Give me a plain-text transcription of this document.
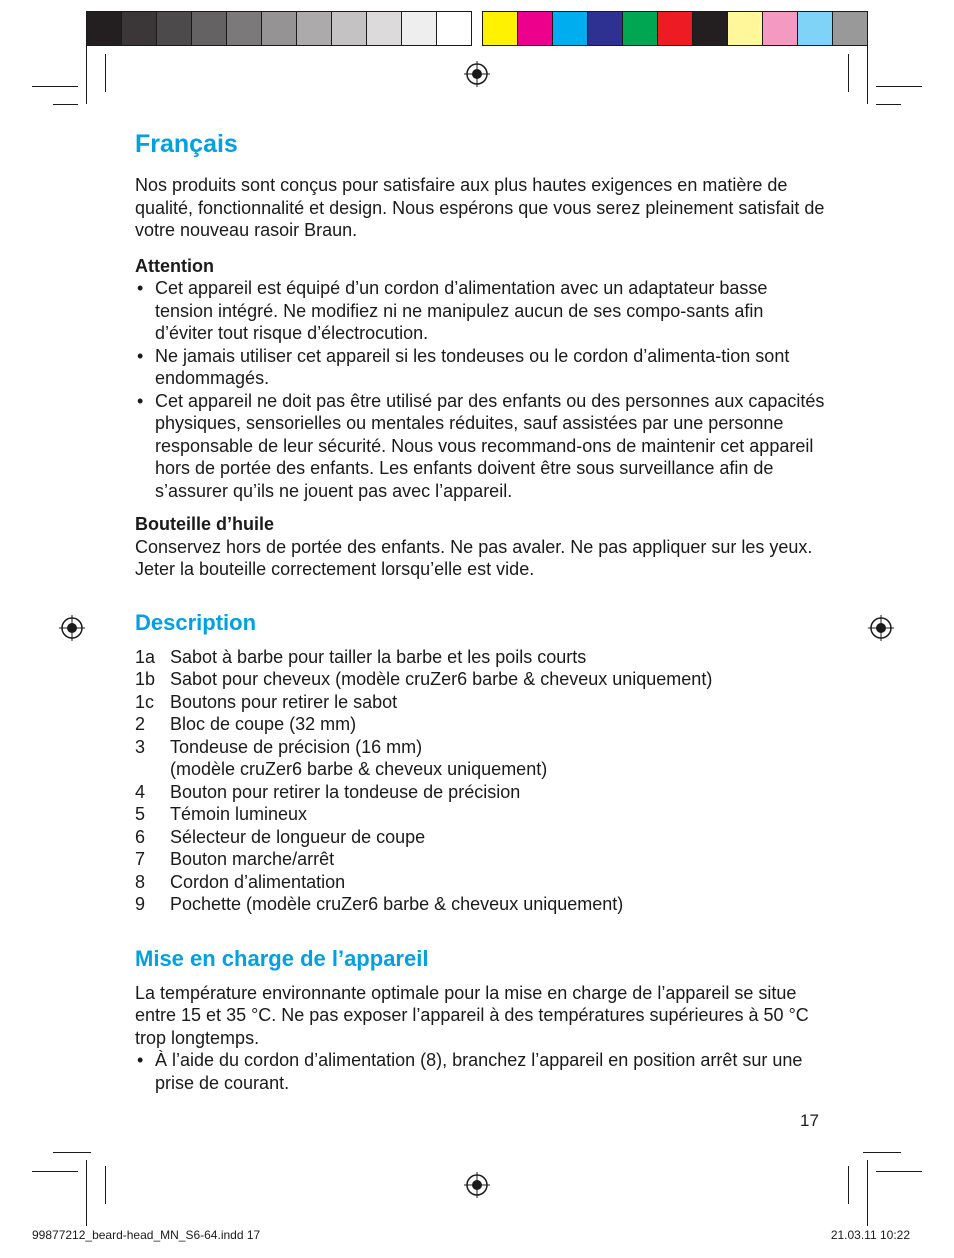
Français

Nos produits sont conçus pour satisfaire aux plus hautes exigences en matière de qualité, fonctionnalité et design. Nous espérons que vous serez pleinement satisfait de votre nouveau rasoir Braun.

Attention
• Cet appareil est équipé d’un cordon d’alimentation avec un adaptateur basse tension intégré. Ne modifiez ni ne manipulez aucun de ses compo-sants afin d’éviter tout risque d’électrocution.
• Ne jamais utiliser cet appareil si les tondeuses ou le cordon d’alimenta-tion sont endommagés.
• Cet appareil ne doit pas être utilisé par des enfants ou des personnes aux capacités physiques, sensorielles ou mentales réduites, sauf assistées par une personne responsable de leur sécurité. Nous vous recommand-ons de maintenir cet appareil hors de portée des enfants. Les enfants doivent être sous surveillance afin de s’assurer qu’ils ne jouent pas avec l’appareil.
Bouteille d’huile

Conservez hors de portée des enfants. Ne pas avaler. Ne pas appliquer sur les yeux. Jeter la bouteille correctement lorsqu’elle est vide.

Description
1a	Sabot à barbe pour tailler la barbe et les poils courts

1b	Sabot pour cheveux (modèle cruZer6 barbe & cheveux uniquement)

1c	Boutons pour retirer le sabot

2	Bloc de coupe (32 mm)

3	Tondeuse de précision (16 mm)
(modèle cruZer6 barbe & cheveux uniquement)

4	Bouton pour retirer la tondeuse de précision

5	Témoin lumineux

6	Sélecteur de longueur de coupe

7	Bouton marche/arrêt

8	Cordon d’alimentation

9	Pochette (modèle cruZer6 barbe & cheveux uniquement)
Mise en charge de l’appareil

La température environnante optimale pour la mise en charge de l’appareil se situe entre 15 et 35 °C. Ne pas exposer l’appareil à des températures supérieures à 50 °C trop longtemps.

• À l’aide du cordon d’alimentation (8), branchez l’appareil en position arrêt sur une prise de courant.
17
99877212_beard-head_MN_S6-64.indd 17	21.03.11 10:22
